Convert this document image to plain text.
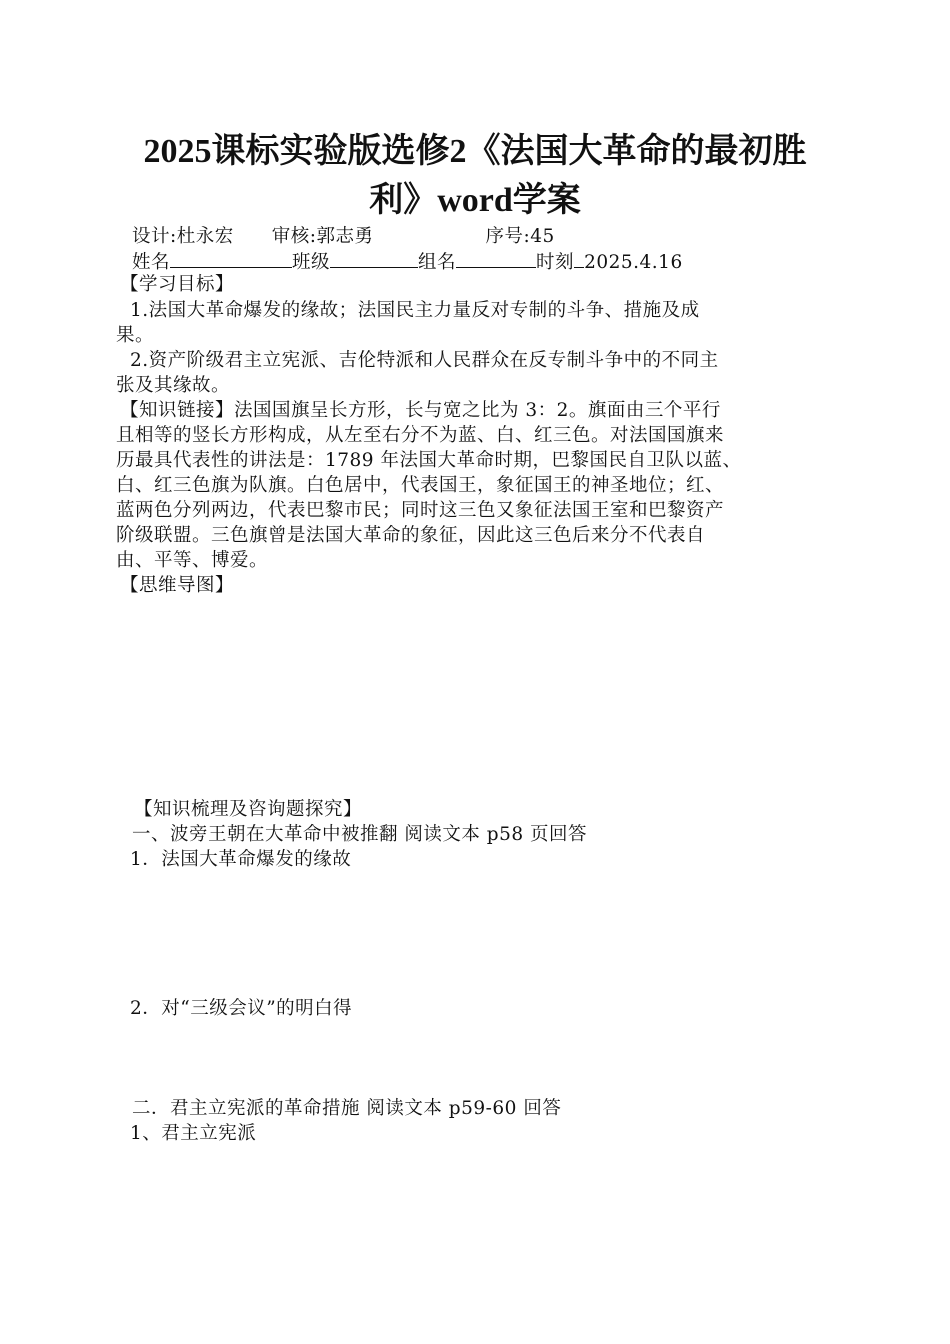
2025课标实验版选修2《法国大革命的最初胜
利》word学案
设计:杜永宏 审核:郭志勇	序号:45
姓名	班级	组名	时刻 2025.4.16
【学习目标】
1.法国大革命爆发的缘故；法国民主力量反对专制的斗争、措施及成
果。
2.资产阶级君主立宪派、吉伦特派和人民群众在反专制斗争中的不同主
张及其缘故。
【知识链接】法国国旗呈长方形，长与宽之比为 3：2。旗面由三个平行
且相等的竖长方形构成，从左至右分不为蓝、白、红三色。对法国国旗来
历最具代表性的讲法是：1789 年法国大革命时期，巴黎国民自卫队以蓝、
白、红三色旗为队旗。白色居中，代表国王，象征国王的神圣地位；红、
蓝两色分列两边，代表巴黎市民；同时这三色又象征法国王室和巴黎资产
阶级联盟。三色旗曾是法国大革命的象征，因此这三色后来分不代表自
由、平等、博爱。
【思维导图】
【知识梳理及咨询题探究】
一、波旁王朝在大革命中被推翻 阅读文本 p58 页回答
1．法国大革命爆发的缘故
2．对“三级会议”的明白得
二．君主立宪派的革命措施 阅读文本 p59-60 回答
1、君主立宪派
